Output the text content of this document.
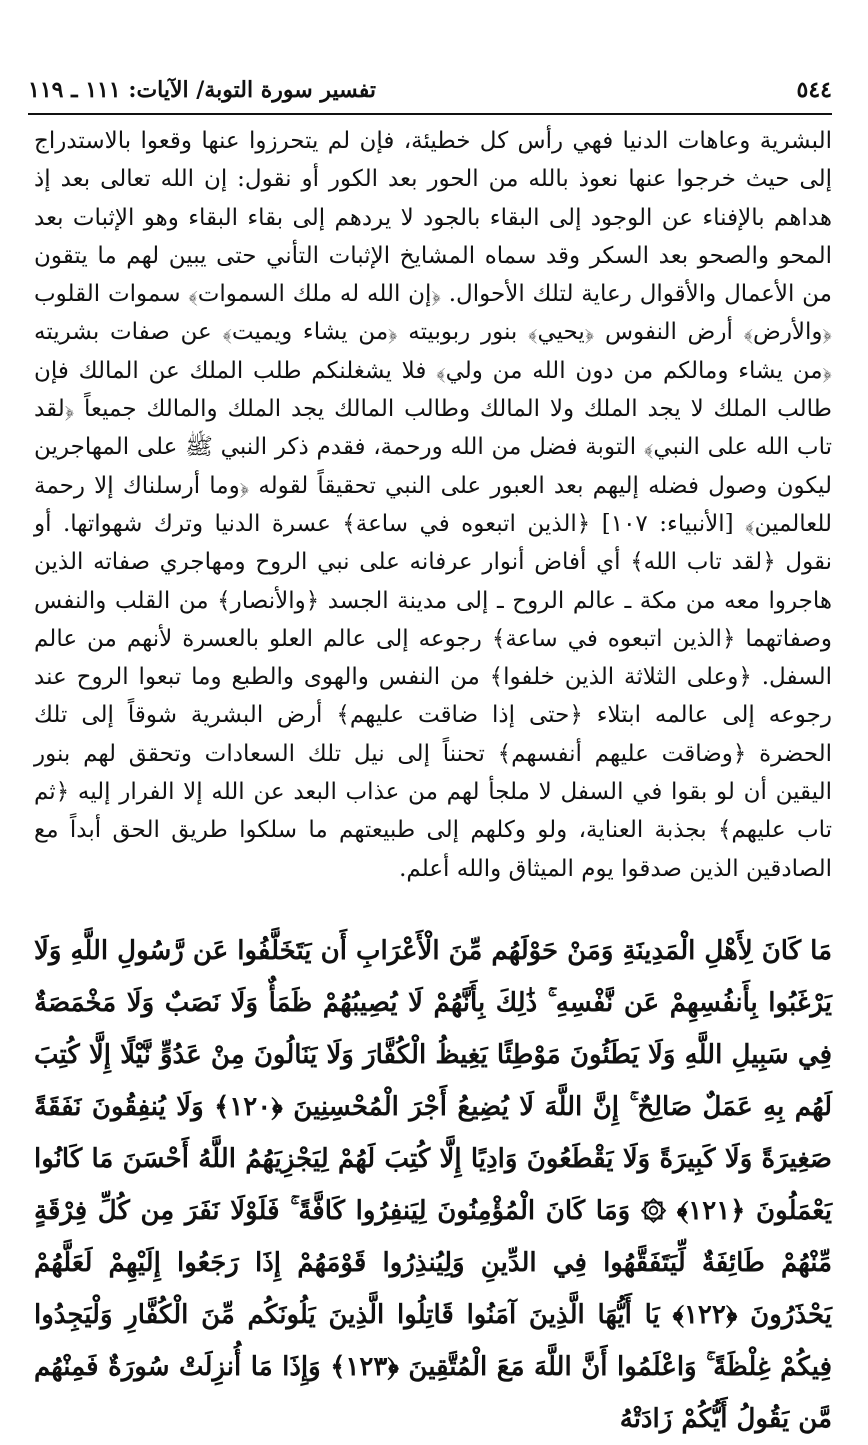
٥٤٤
تفسير سورة التوبة/ الآيات: ١١١ ـ ١١٩

البشرية وعاهات الدنيا فهي رأس كل خطيئة، فإن لم يتحرزوا عنها وقعوا بالاستدراج إلى حيث خرجوا عنها نعوذ بالله من الحور بعد الكور أو نقول: إن الله تعالى بعد إذ هداهم بالإفناء عن الوجود إلى البقاء بالجود لا يردهم إلى بقاء البقاء وهو الإثبات بعد المحو والصحو بعد السكر وقد سماه المشايخ الإثبات التأني حتى يبين لهم ما يتقون من الأعمال والأقوال رعاية لتلك الأحوال. ﴿إن الله له ملك السموات﴾ سموات القلوب ﴿والأرض﴾ أرض النفوس ﴿يحيي﴾ بنور ربوبيته ﴿من يشاء ويميت﴾ عن صفات بشريته ﴿من يشاء ومالكم من دون الله من ولي﴾ فلا يشغلنكم طلب الملك عن المالك فإن طالب الملك لا يجد الملك ولا المالك وطالب المالك يجد الملك والمالك جميعاً ﴿لقد تاب الله على النبي﴾ التوبة فضل من الله ورحمة، فقدم ذكر النبي ﷺ على المهاجرين ليكون وصول فضله إليهم بعد العبور على النبي تحقيقاً لقوله ﴿وما أرسلناك إلا رحمة للعالمين﴾ [الأنبياء: ١٠٧] ﴿الذين اتبعوه في ساعة﴾ عسرة الدنيا وترك شهواتها. أو نقول ﴿لقد تاب الله﴾ أي أفاض أنوار عرفانه على نبي الروح ومهاجري صفاته الذين هاجروا معه من مكة ـ عالم الروح ـ إلى مدينة الجسد ﴿والأنصار﴾ من القلب والنفس وصفاتهما ﴿الذين اتبعوه في ساعة﴾ رجوعه إلى عالم العلو بالعسرة لأنهم من عالم السفل. ﴿وعلى الثلاثة الذين خلفوا﴾ من النفس والهوى والطبع وما تبعوا الروح عند رجوعه إلى عالمه ابتلاء ﴿حتى إذا ضاقت عليهم﴾ أرض البشرية شوقاً إلى تلك الحضرة ﴿وضاقت عليهم أنفسهم﴾ تحنناً إلى نيل تلك السعادات وتحقق لهم بنور اليقين أن لو بقوا في السفل لا ملجأ لهم من عذاب البعد عن الله إلا الفرار إليه ﴿ثم تاب عليهم﴾ بجذبة العناية، ولو وكلهم إلى طبيعتهم ما سلكوا طريق الحق أبداً مع الصادقين الذين صدقوا يوم الميثاق والله أعلم.

مَا كَانَ لِأَهْلِ الْمَدِينَةِ وَمَنْ حَوْلَهُم مِّنَ الْأَعْرَابِ أَن يَتَخَلَّفُوا عَن رَّسُولِ اللَّهِ وَلَا يَرْغَبُوا بِأَنفُسِهِمْ عَن نَّفْسِهِ ۚ ذَٰلِكَ بِأَنَّهُمْ لَا يُصِيبُهُمْ ظَمَأٌ وَلَا نَصَبٌ وَلَا مَخْمَصَةٌ فِي سَبِيلِ اللَّهِ وَلَا يَطَئُونَ مَوْطِئًا يَغِيظُ الْكُفَّارَ وَلَا يَنَالُونَ مِنْ عَدُوٍّ نَّيْلًا إِلَّا كُتِبَ لَهُم بِهِ عَمَلٌ صَالِحٌ ۚ إِنَّ اللَّهَ لَا يُضِيعُ أَجْرَ الْمُحْسِنِينَ ﴿١٢٠﴾ وَلَا يُنفِقُونَ نَفَقَةً صَغِيرَةً وَلَا كَبِيرَةً وَلَا يَقْطَعُونَ وَادِيًا إِلَّا كُتِبَ لَهُمْ لِيَجْزِيَهُمُ اللَّهُ أَحْسَنَ مَا كَانُوا يَعْمَلُونَ ﴿١٢١﴾ ۞ وَمَا كَانَ الْمُؤْمِنُونَ لِيَنفِرُوا كَافَّةً ۚ فَلَوْلَا نَفَرَ مِن كُلِّ فِرْقَةٍ مِّنْهُمْ طَائِفَةٌ لِّيَتَفَقَّهُوا فِي الدِّينِ وَلِيُنذِرُوا قَوْمَهُمْ إِذَا رَجَعُوا إِلَيْهِمْ لَعَلَّهُمْ يَحْذَرُونَ ﴿١٢٢﴾ يَا أَيُّهَا الَّذِينَ آمَنُوا قَاتِلُوا الَّذِينَ يَلُونَكُم مِّنَ الْكُفَّارِ وَلْيَجِدُوا فِيكُمْ غِلْظَةً ۚ وَاعْلَمُوا أَنَّ اللَّهَ مَعَ الْمُتَّقِينَ ﴿١٢٣﴾ وَإِذَا مَا أُنزِلَتْ سُورَةٌ فَمِنْهُم مَّن يَقُولُ أَيُّكُمْ زَادَتْهُ
